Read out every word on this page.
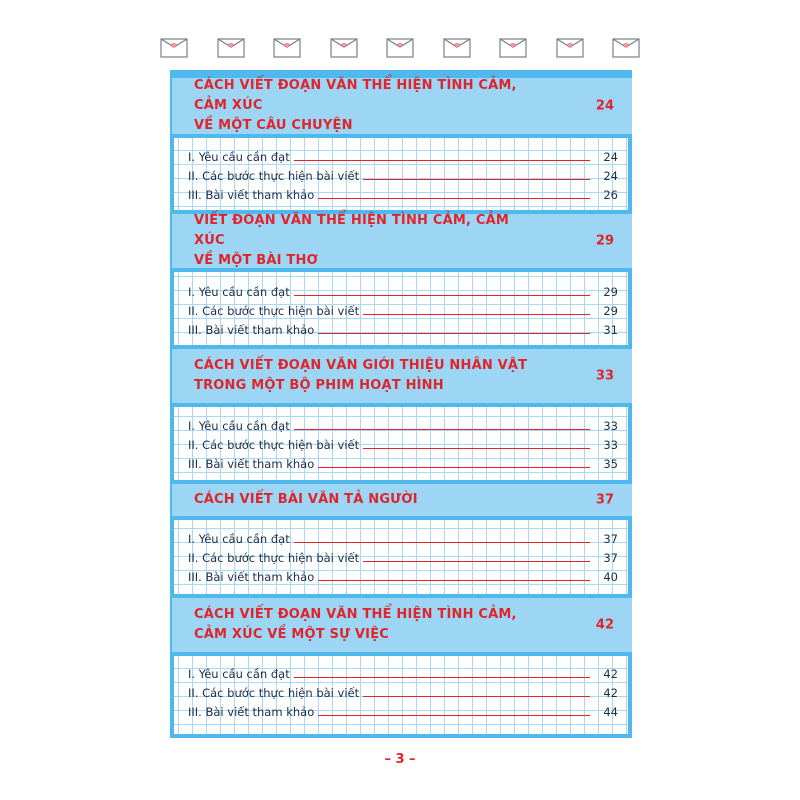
CÁCH VIẾT ĐOẠN VĂN THỂ HIỆN TÌNH CẢM, CẢM XÚC
VỀ MỘT CÂU CHUYỆN
24
I. Yêu cầu cần đạt	24
II. Các bước thực hiện bài viết	24
III. Bài viết tham khảo	26
VIẾT ĐOẠN VĂN THỂ HIỆN TÌNH CẢM, CẢM XÚC
VỀ MỘT BÀI THƠ
29
I. Yêu cầu cần đạt	29
II. Các bước thực hiện bài viết	29
III. Bài viết tham khảo	31
CÁCH VIẾT ĐOẠN VĂN GIỚI THIỆU NHÂN VẬT
TRONG MỘT BỘ PHIM HOẠT HÌNH
33
I. Yêu cầu cần đạt	33
II. Các bước thực hiện bài viết	33
III. Bài viết tham khảo	35
CÁCH VIẾT BÀI VĂN TẢ NGƯỜI	37
I. Yêu cầu cần đạt	37
II. Các bước thực hiện bài viết	37
III. Bài viết tham khảo	40
CÁCH VIẾT ĐOẠN VĂN THỂ HIỆN TÌNH CẢM,
CẢM XÚC VỀ MỘT SỰ VIỆC
42
I. Yêu cầu cần đạt	42
II. Các bước thực hiện bài viết	42
III. Bài viết tham khảo	44
– 3 –
